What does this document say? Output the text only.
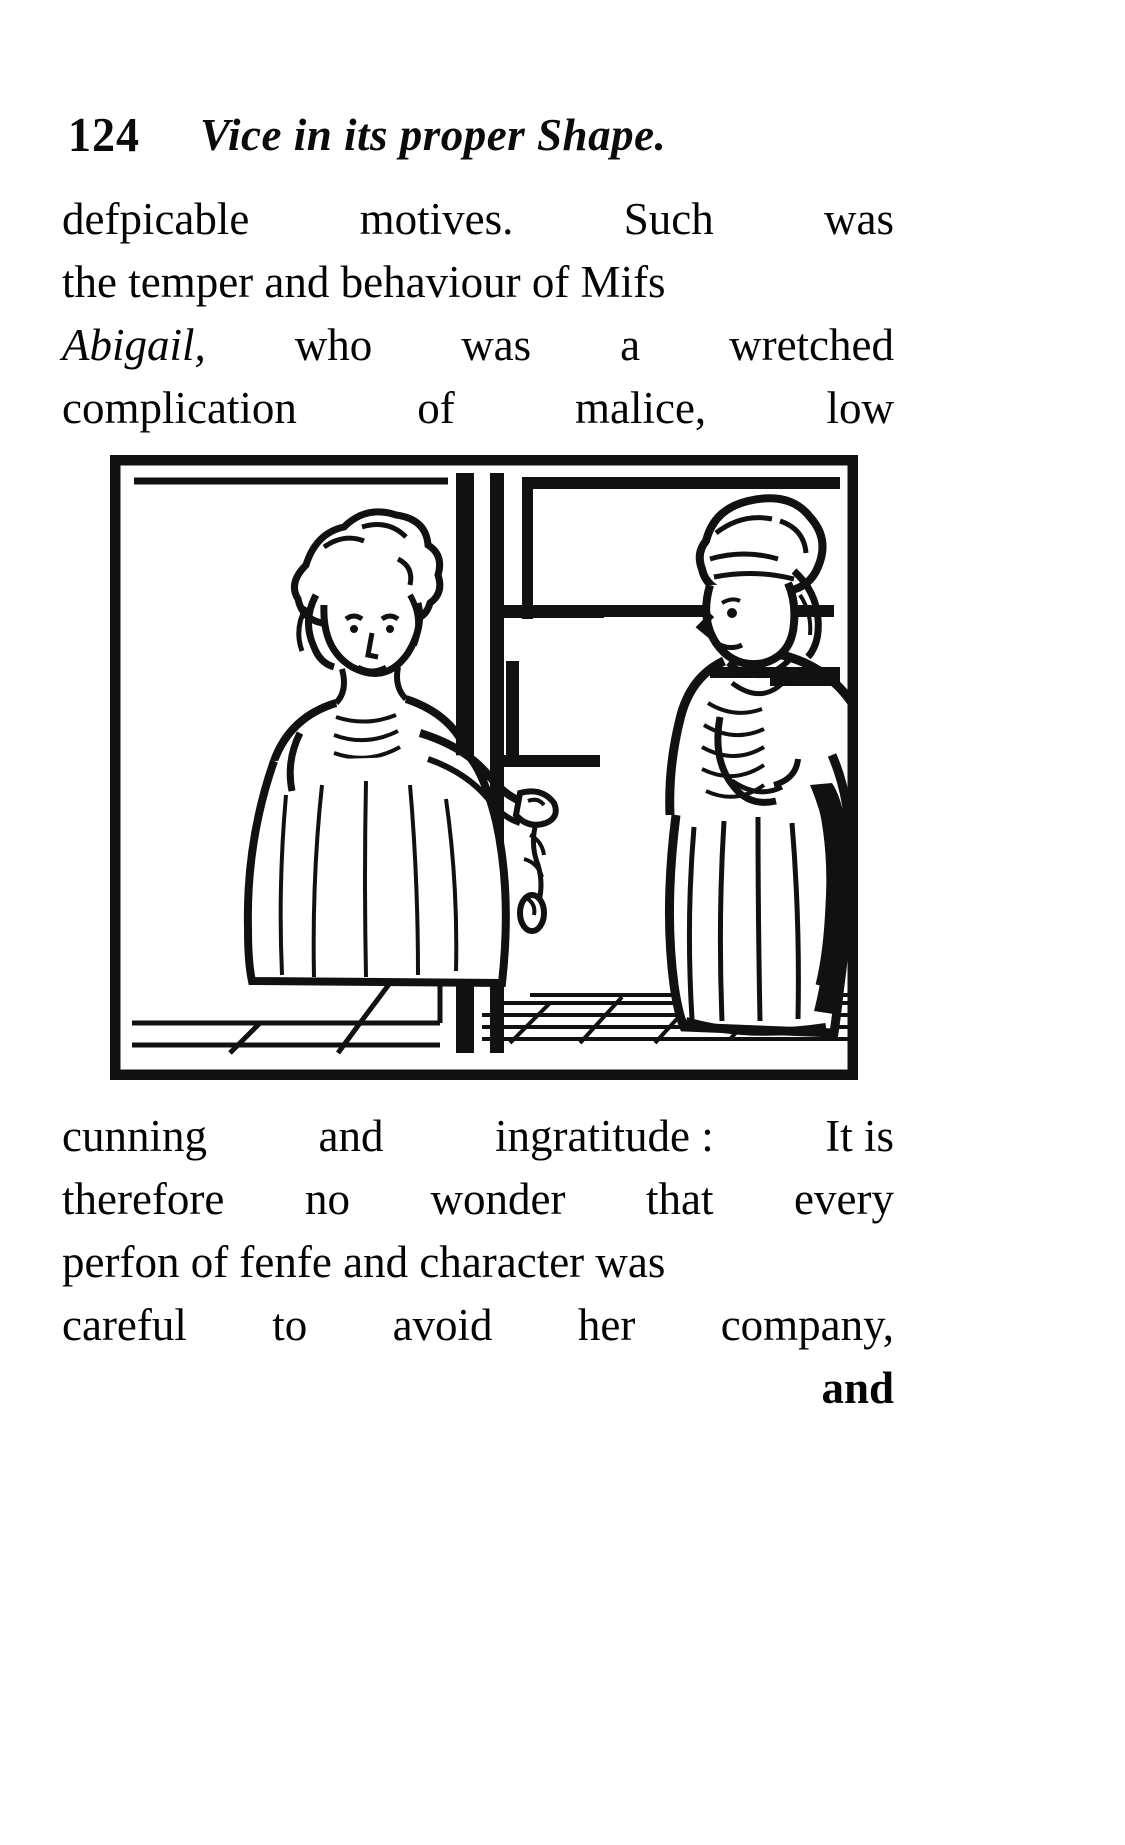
124 Vice in its proper Shape.

defpicable motives. Such was
the temper and behaviour of Mifs
Abigail, who was a wretched
complication	of	malice,	low

cunning and ingratitude : It is
therefore no wonder that every
perfon of fenfe and character was
careful to avoid her company,
and
